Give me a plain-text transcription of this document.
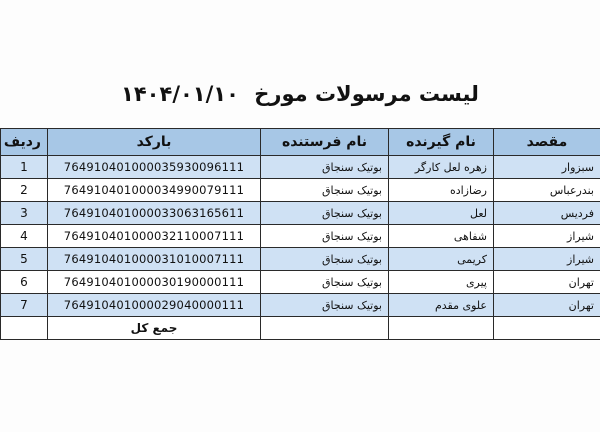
لیست مرسولات مورخ ۱۴۰۴/۰۱/۱۰
مقصد	نام گیرنده	نام فرستنده	بارکد	ردیف
سبزوار	زهره لعل کارگر	بوتیک سنجاق	764910401000035930096111	1
بندرعباس	رضازاده	بوتیک سنجاق	764910401000034990079111	2
فردیس	لعل	بوتیک سنجاق	764910401000033063165611	3
شیراز	شفاهی	بوتیک سنجاق	764910401000032110007111	4
شیراز	کریمی	بوتیک سنجاق	764910401000031010007111	5
تهران	پیری	بوتیک سنجاق	764910401000030190000111	6
تهران	علوی مقدم	بوتیک سنجاق	764910401000029040000111	7
			جمع کل	
